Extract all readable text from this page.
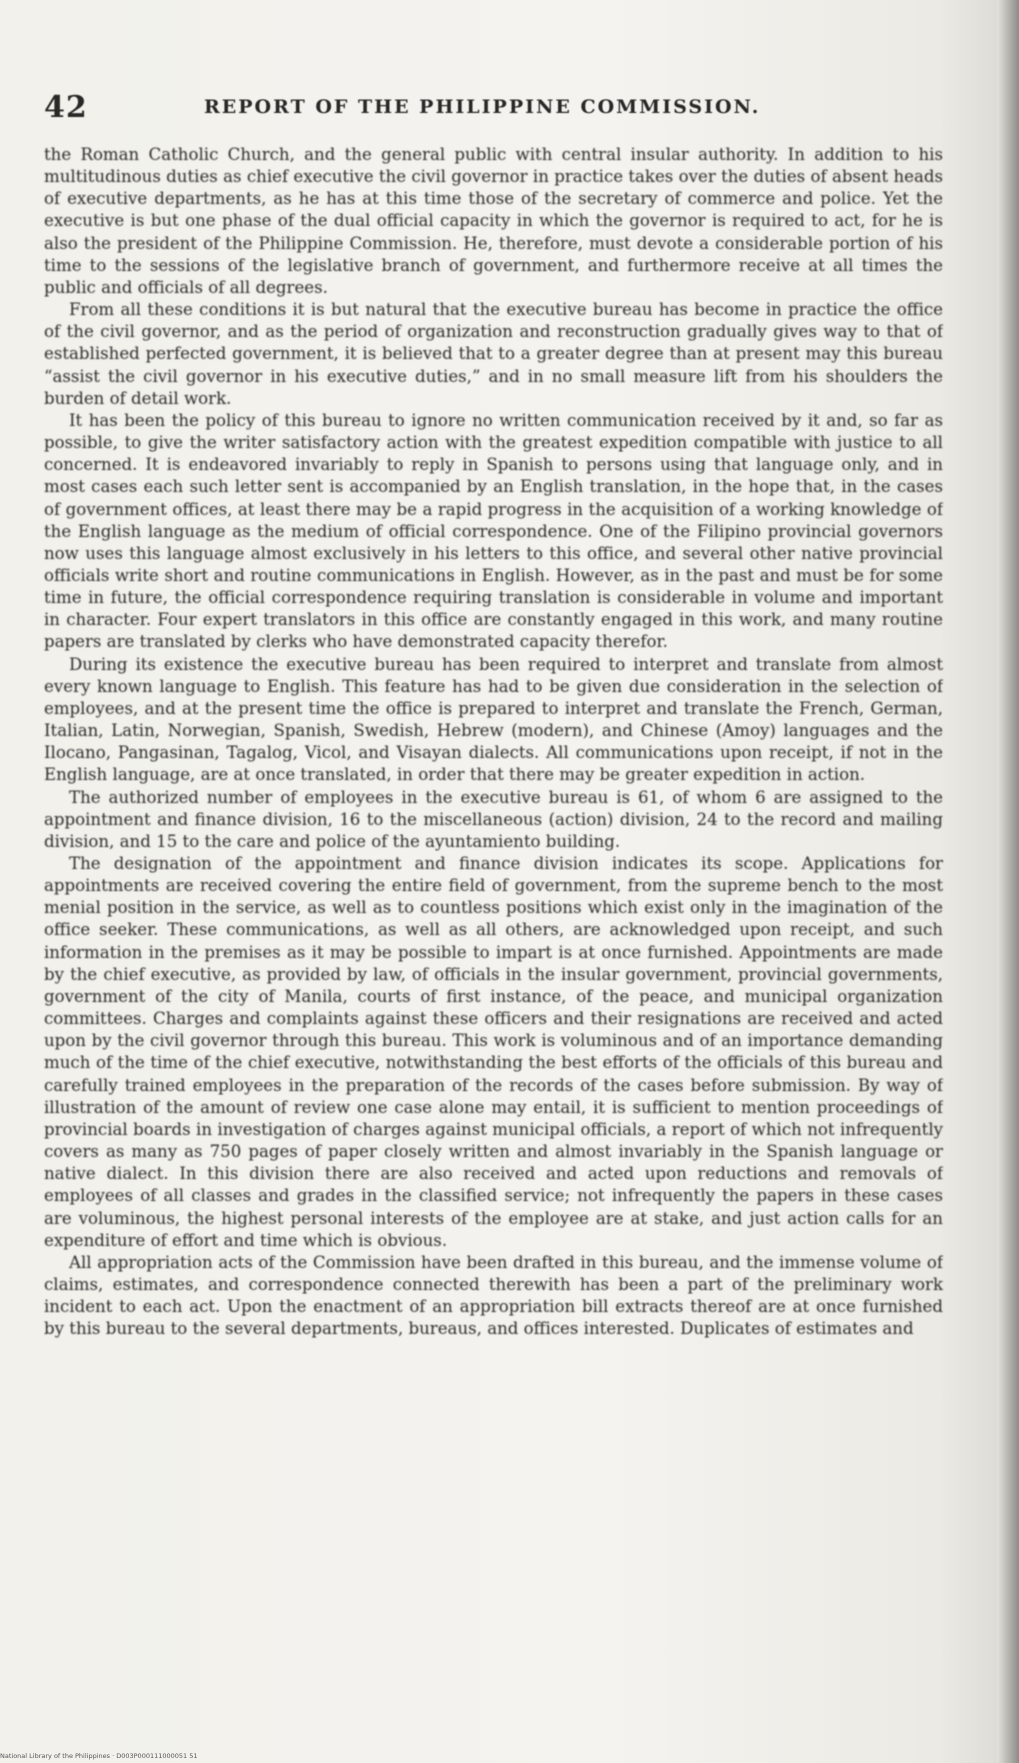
42	REPORT OF THE PHILIPPINE COMMISSION.

the Roman Catholic Church, and the general public with central insular authority. In addition to his multitudinous duties as chief executive the civil governor in practice takes over the duties of absent heads of executive departments, as he has at this time those of the secretary of commerce and police. Yet the executive is but one phase of the dual official capacity in which the governor is required to act, for he is also the president of the Philippine Commission. He, therefore, must devote a considerable portion of his time to the sessions of the legislative branch of government, and furthermore receive at all times the public and officials of all degrees.

From all these conditions it is but natural that the executive bureau has become in practice the office of the civil governor, and as the period of organization and reconstruction gradually gives way to that of established perfected government, it is believed that to a greater degree than at present may this bureau “assist the civil governor in his executive duties,” and in no small measure lift from his shoulders the burden of detail work.

It has been the policy of this bureau to ignore no written communication received by it and, so far as possible, to give the writer satisfactory action with the greatest expedition compatible with justice to all concerned. It is endeavored invariably to reply in Spanish to persons using that language only, and in most cases each such letter sent is accompanied by an English translation, in the hope that, in the cases of government offices, at least there may be a rapid progress in the acquisition of a working knowledge of the English language as the medium of official correspondence. One of the Filipino provincial governors now uses this language almost exclusively in his letters to this office, and several other native provincial officials write short and routine communications in English. However, as in the past and must be for some time in future, the official correspondence requiring translation is considerable in volume and important in character. Four expert translators in this office are constantly engaged in this work, and many routine papers are translated by clerks who have demonstrated capacity therefor.

During its existence the executive bureau has been required to interpret and translate from almost every known language to English. This feature has had to be given due consideration in the selection of employees, and at the present time the office is prepared to interpret and translate the French, German, Italian, Latin, Norwegian, Spanish, Swedish, Hebrew (modern), and Chinese (Amoy) languages and the Ilocano, Pangasinan, Tagalog, Vicol, and Visayan dialects. All communications upon receipt, if not in the English language, are at once translated, in order that there may be greater expedition in action.

The authorized number of employees in the executive bureau is 61, of whom 6 are assigned to the appointment and finance division, 16 to the miscellaneous (action) division, 24 to the record and mailing division, and 15 to the care and police of the ayuntamiento building.

The designation of the appointment and finance division indicates its scope. Applications for appointments are received covering the entire field of government, from the supreme bench to the most menial position in the service, as well as to countless positions which exist only in the imagination of the office seeker. These communications, as well as all others, are acknowledged upon receipt, and such information in the premises as it may be possible to impart is at once furnished. Appointments are made by the chief executive, as provided by law, of officials in the insular government, provincial governments, government of the city of Manila, courts of first instance, of the peace, and municipal organization committees. Charges and complaints against these officers and their resignations are received and acted upon by the civil governor through this bureau. This work is voluminous and of an importance demanding much of the time of the chief executive, notwithstanding the best efforts of the officials of this bureau and carefully trained employees in the preparation of the records of the cases before submission. By way of illustration of the amount of review one case alone may entail, it is sufficient to mention proceedings of provincial boards in investigation of charges against municipal officials, a report of which not infrequently covers as many as 750 pages of paper closely written and almost invariably in the Spanish language or native dialect. In this division there are also received and acted upon reductions and removals of employees of all classes and grades in the classified service; not infrequently the papers in these cases are voluminous, the highest personal interests of the employee are at stake, and just action calls for an expenditure of effort and time which is obvious.

All appropriation acts of the Commission have been drafted in this bureau, and the immense volume of claims, estimates, and correspondence connected therewith has been a part of the preliminary work incident to each act. Upon the enactment of an appropriation bill extracts thereof are at once furnished by this bureau to the several departments, bureaus, and offices interested. Duplicates of estimates and

National Library of the Philippines · D003P000111000051 51
